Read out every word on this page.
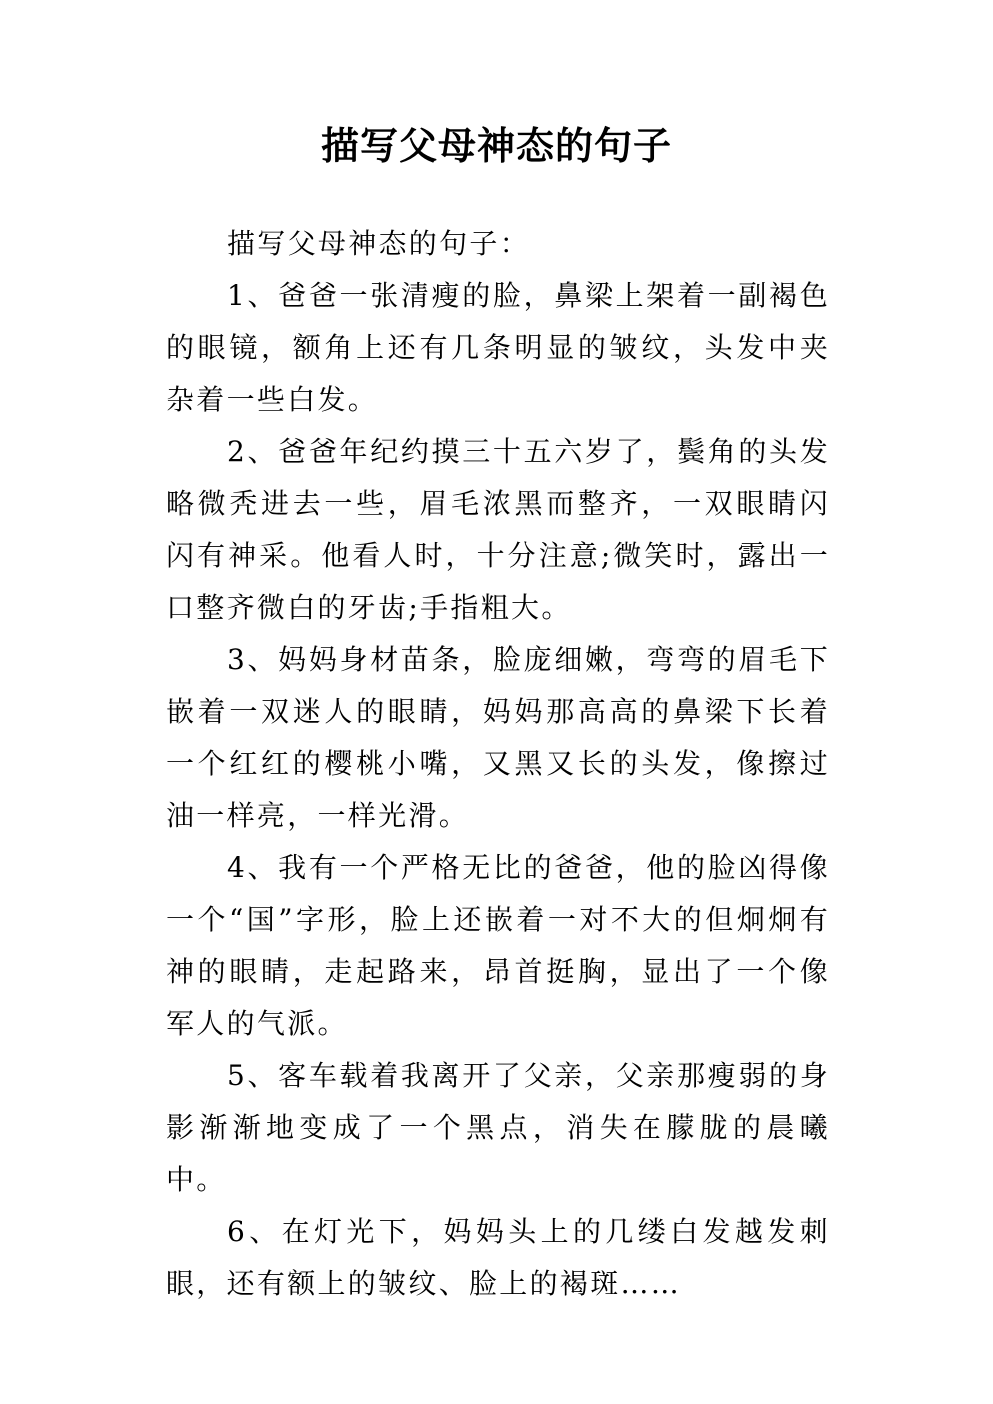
描写父母神态的句子

描写父母神态的句子：

1、爸爸一张清瘦的脸，鼻梁上架着一副褐色的眼镜，额角上还有几条明显的皱纹，头发中夹杂着一些白发。

2、爸爸年纪约摸三十五六岁了，鬓角的头发略微秃进去一些，眉毛浓黑而整齐，一双眼睛闪闪有神采。他看人时，十分注意;微笑时，露出一口整齐微白的牙齿;手指粗大。

3、妈妈身材苗条，脸庞细嫩，弯弯的眉毛下嵌着一双迷人的眼睛，妈妈那高高的鼻梁下长着一个红红的樱桃小嘴，又黑又长的头发，像擦过油一样亮，一样光滑。

4、我有一个严格无比的爸爸，他的脸凶得像一个“国”字形，脸上还嵌着一对不大的但炯炯有神的眼睛，走起路来，昂首挺胸，显出了一个像军人的气派。

5、客车载着我离开了父亲，父亲那瘦弱的身影渐渐地变成了一个黑点，消失在朦胧的晨曦中。

6、在灯光下，妈妈头上的几缕白发越发刺眼，还有额上的皱纹、脸上的褐斑……
